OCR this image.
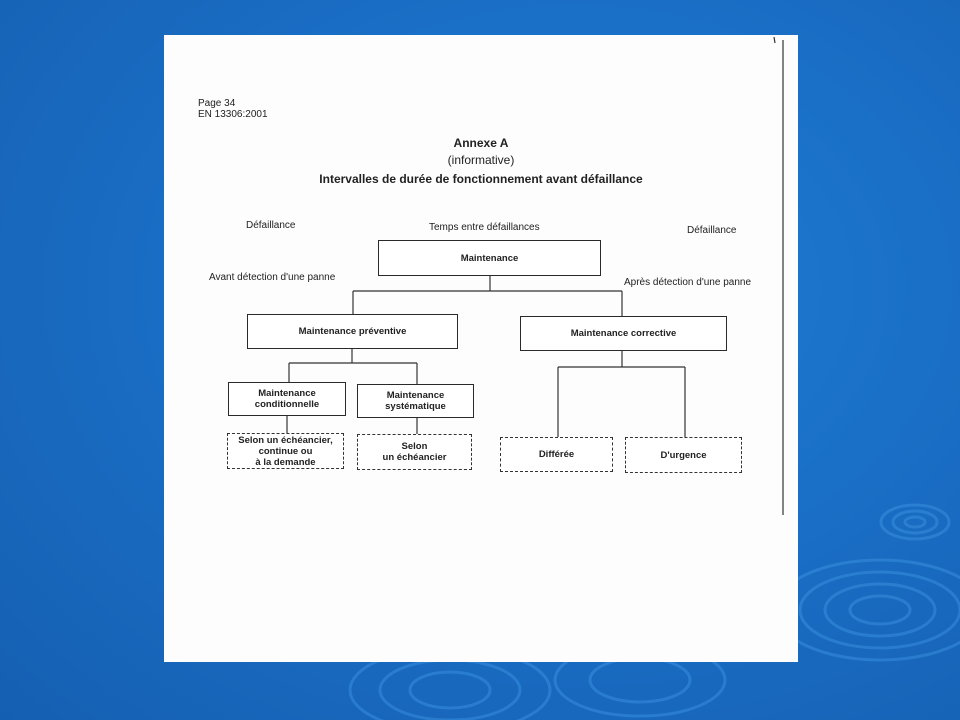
Page 34
EN 13306:2001
Annexe A
(informative)
Intervalles de durée de fonctionnement avant défaillance
Défaillance	Temps entre défaillances	Défaillance
Avant détection d'une panne	Après détection d'une panne
Maintenance
Maintenance préventive	Maintenance corrective
Maintenance
conditionnelle
Maintenance
systématique
Selon un échéancier,
continue ou
à la demande
Selon
un échéancier	Différée	D'urgence
